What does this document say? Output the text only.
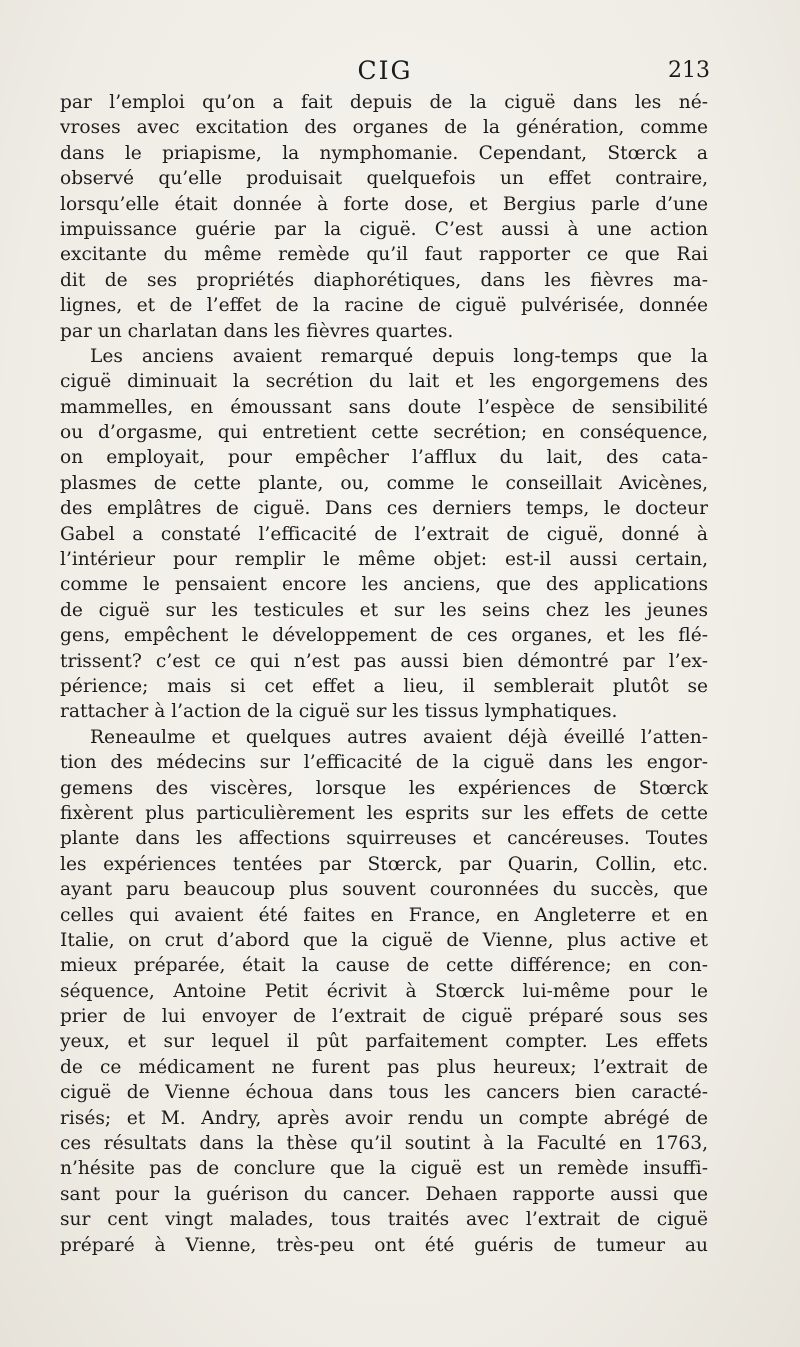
CIG	213
par l’emploi qu’on a fait depuis de la ciguë dans les né-
vroses avec excitation des organes de la génération, comme
dans le priapisme, la nymphomanie. Cependant, Stœrck a
observé qu’elle produisait quelquefois un effet contraire,
lorsqu’elle était donnée à forte dose, et Bergius parle d’une
impuissance guérie par la ciguë. C’est aussi à une action
excitante du même remède qu’il faut rapporter ce que Rai
dit de ses propriétés diaphorétiques, dans les fièvres ma-
lignes, et de l’effet de la racine de ciguë pulvérisée, donnée
par un charlatan dans les fièvres quartes.
Les anciens avaient remarqué depuis long-temps que la
ciguë diminuait la secrétion du lait et les engorgemens des
mammelles, en émoussant sans doute l’espèce de sensibilité
ou d’orgasme, qui entretient cette secrétion; en conséquence,
on employait, pour empêcher l’afflux du lait, des cata-
plasmes de cette plante, ou, comme le conseillait Avicènes,
des emplâtres de ciguë. Dans ces derniers temps, le docteur
Gabel a constaté l’efficacité de l’extrait de ciguë, donné à
l’intérieur pour remplir le même objet: est-il aussi certain,
comme le pensaient encore les anciens, que des applications
de ciguë sur les testicules et sur les seins chez les jeunes
gens, empêchent le développement de ces organes, et les flé-
trissent? c’est ce qui n’est pas aussi bien démontré par l’ex-
périence; mais si cet effet a lieu, il semblerait plutôt se
rattacher à l’action de la ciguë sur les tissus lymphatiques.
Reneaulme et quelques autres avaient déjà éveillé l’atten-
tion des médecins sur l’efficacité de la ciguë dans les engor-
gemens des viscères, lorsque les expériences de Stœrck
fixèrent plus particulièrement les esprits sur les effets de cette
plante dans les affections squirreuses et cancéreuses. Toutes
les expériences tentées par Stœrck, par Quarin, Collin, etc.
ayant paru beaucoup plus souvent couronnées du succès, que
celles qui avaient été faites en France, en Angleterre et en
Italie, on crut d’abord que la ciguë de Vienne, plus active et
mieux préparée, était la cause de cette différence; en con-
séquence, Antoine Petit écrivit à Stœrck lui-même pour le
prier de lui envoyer de l’extrait de ciguë préparé sous ses
yeux, et sur lequel il pût parfaitement compter. Les effets
de ce médicament ne furent pas plus heureux; l’extrait de
ciguë de Vienne échoua dans tous les cancers bien caracté-
risés; et M. Andry, après avoir rendu un compte abrégé de
ces résultats dans la thèse qu’il soutint à la Faculté en 1763,
n’hésite pas de conclure que la ciguë est un remède insuffi-
sant pour la guérison du cancer. Dehaen rapporte aussi que
sur cent vingt malades, tous traités avec l’extrait de ciguë
préparé à Vienne, très-peu ont été guéris de tumeur au
